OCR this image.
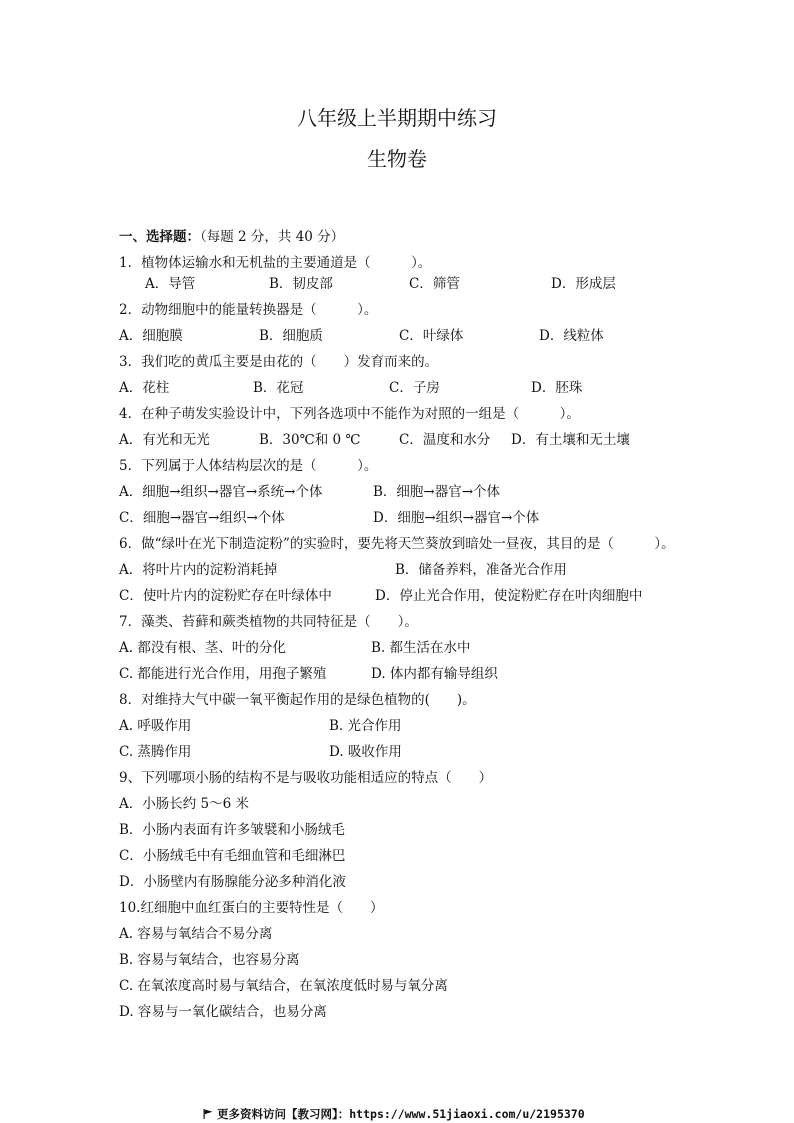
八年级上半期期中练习
生物卷
一、选择题：（每题 2 分，共 40 分）
1．植物体运输水和无机盐的主要通道是（　　　）。
A．导管	B．韧皮部	C．筛管	D．形成层
2．动物细胞中的能量转换器是（　　　）。
A．细胞膜	B．细胞质	C．叶绿体	D．线粒体
3．我们吃的黄瓜主要是由花的（　　）发育而来的。
A．花柱	B．花冠	C．子房	D．胚珠
4．在种子萌发实验设计中，下列各选项中不能作为对照的一组是（　　　）。
A．有光和无光	B．30℃和 0 ℃	C．温度和水分 D．有土壤和无土壤
5．下列属于人体结构层次的是（　　　）。
A．细胞→组织→器官→系统→个体	B．细胞→器官→个体
C．细胞→器官→组织→个体	D．细胞→组织→器官→个体
6．做“绿叶在光下制造淀粉”的实验时，要先将天竺葵放到暗处一昼夜，其目的是（　　　）。
A．将叶片内的淀粉消耗掉	B．储备养料，准备光合作用
C．使叶片内的淀粉贮存在叶绿体中	D．停止光合作用，使淀粉贮存在叶肉细胞中
7．藻类、苔藓和蕨类植物的共同特征是（　　）。
A. 都没有根、茎、叶的分化	B. 都生活在水中
C. 都能进行光合作用，用孢子繁殖	D. 体内都有输导组织
8．对维持大气中碳一氧平衡起作用的是绿色植物的(　　)。
A. 呼吸作用	B. 光合作用
C. 蒸腾作用	D. 吸收作用
9、下列哪项小肠的结构不是与吸收功能相适应的特点（　　）
A．小肠长约 5～6 米
B．小肠内表面有许多皱襞和小肠绒毛
C．小肠绒毛中有毛细血管和毛细淋巴
D．小肠壁内有肠腺能分泌多种消化液
10.红细胞中血红蛋白的主要特性是（　　）
A. 容易与氧结合不易分离
B. 容易与氧结合，也容易分离
C. 在氧浓度高时易与氧结合，在氧浓度低时易与氧分离
D. 容易与一氧化碳结合，也易分离
更多资料访问【教习网】：https://www.51jiaoxi.com/u/2195370
